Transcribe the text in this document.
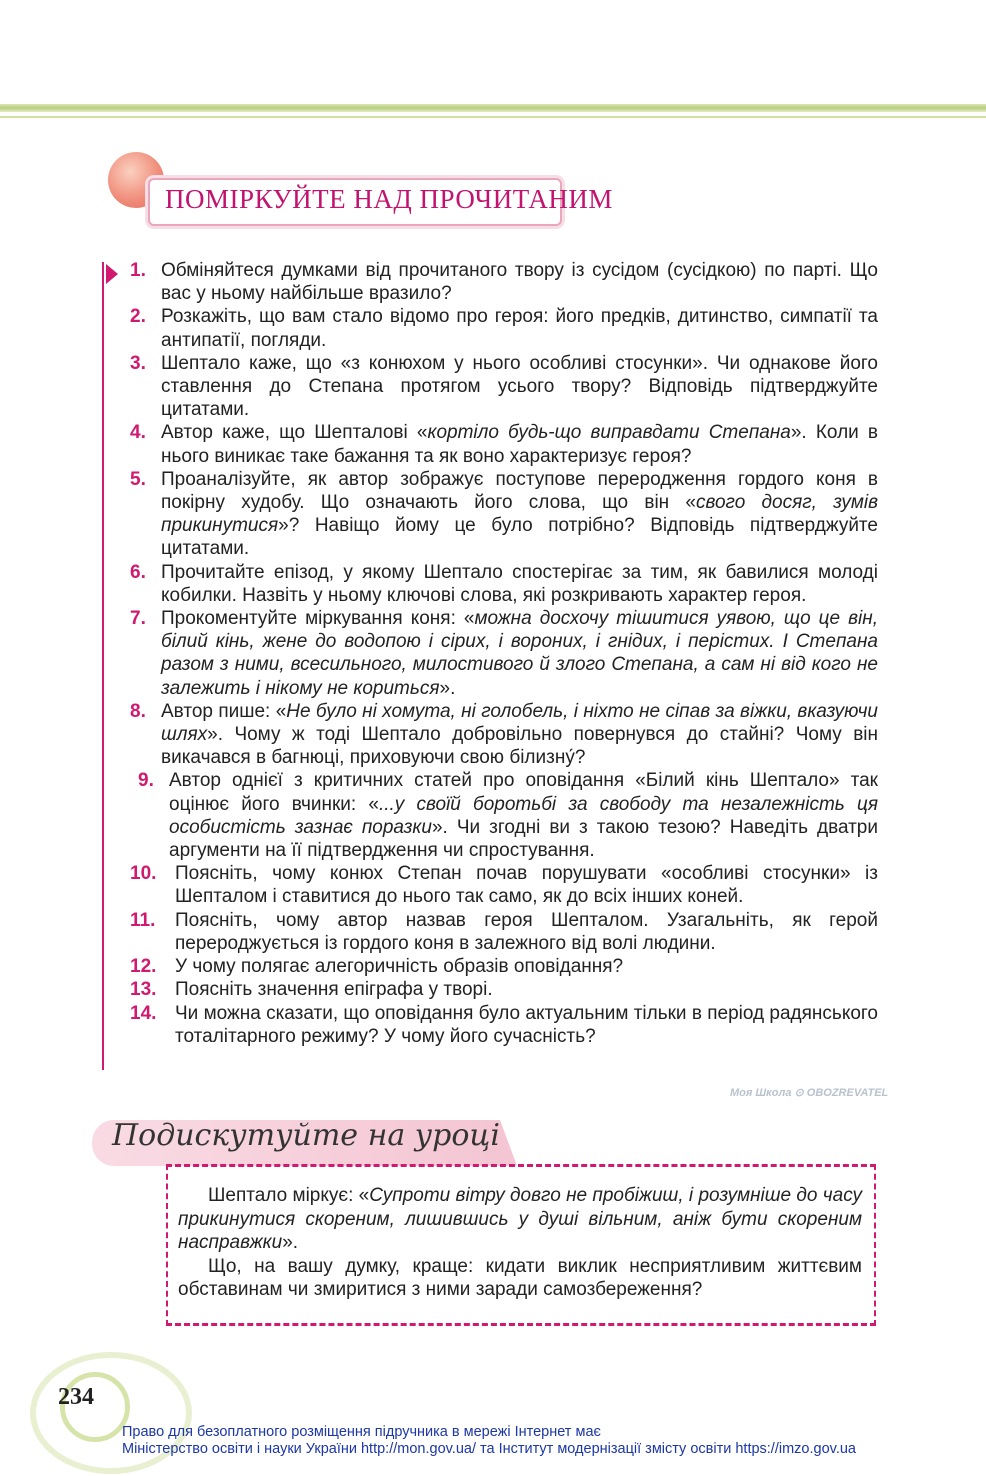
ПОМІРКУЙТЕ НАД ПРОЧИТАНИМ
1. Обміняйтеся думками від прочитаного твору із сусідом (сусідкою) по парті. Що вас у ньому найбільше вразило?
2. Розкажіть, що вам стало відомо про героя: його предків, дитинство, симпатії та антипатії, погляди.
3. Шептало каже, що «з конюхом у нього особливі стосунки». Чи однакове його ставлення до Степана протягом усього твору? Відповідь підтверджуйте цитатами.
4. Автор каже, що Шепталові «кортіло будь-що виправдати Степана». Коли в нього виникає таке бажання та як воно характеризує героя?
5. Проаналізуйте, як автор зображує поступове переродження гордого коня в покірну худобу. Що означають його слова, що він «свого досяг, зумів прикинутися»? Навіщо йому це було потрібно? Відповідь підтверджуйте цитатами.
6. Прочитайте епізод, у якому Шептало спостерігає за тим, як бавилися молоді кобилки. Назвіть у ньому ключові слова, які розкривають характер героя.
7. Прокоментуйте міркування коня: «можна досхочу тішитися уявою, що це він, білий кінь, жене до водопою і сірих, і вороних, і гнідих, і перістих. І Степана разом з ними, всесильного, милостивого й злого Степана, а сам ні від кого не залежить і нікому не кориться».
8. Автор пише: «Не було ні хомута, ні голобель, і ніхто не сіпав за віжки, вказуючи шлях». Чому ж тоді Шептало добровільно повернувся до стайні? Чому він викачався в багнюці, приховуючи свою білизну́?
9. Автор однієї з критичних статей про оповідання «Білий кінь Шептало» так оцінює його вчинки: «...у своїй боротьбі за свободу та незалежність ця особистість зазнає поразки». Чи згодні ви з такою тезою? Наведіть дватри аргументи на її підтвердження чи спростування.
10. Поясніть, чому конюх Степан почав порушувати «особливі стосунки» із Шепталом і ставитися до нього так само, як до всіх інших коней.
11.	Поясніть, чому автор назвав героя Шепталом. Узагальніть, як герой перероджується із гордого коня в залежного від волі людини.
12. У чому полягає алегоричність образів оповідання?
13. Поясніть значення епіграфа у творі.
14. Чи можна сказати, що оповідання було актуальним тільки в період радянського тоталітарного режиму? У чому його сучасність?
Моя Школа ⊙ OBOZREVATEL
Подискутуйте на уроці

Шептало міркує: «Супроти вітру довго не пробіжиш, і розумніше до часу прикинутися скореним, лишившись у душі вільним, аніж бути скореним насправжки».

Що, на вашу думку, краще: кидати виклик несприятливим життєвим обставинам чи змиритися з ними заради самозбереження?

234
Право для безоплатного розміщення підручника в мережі Інтернет має
Міністерство освіти і науки України http://mon.gov.ua/ та Інститут модернізації змісту освіти https://imzo.gov.ua
